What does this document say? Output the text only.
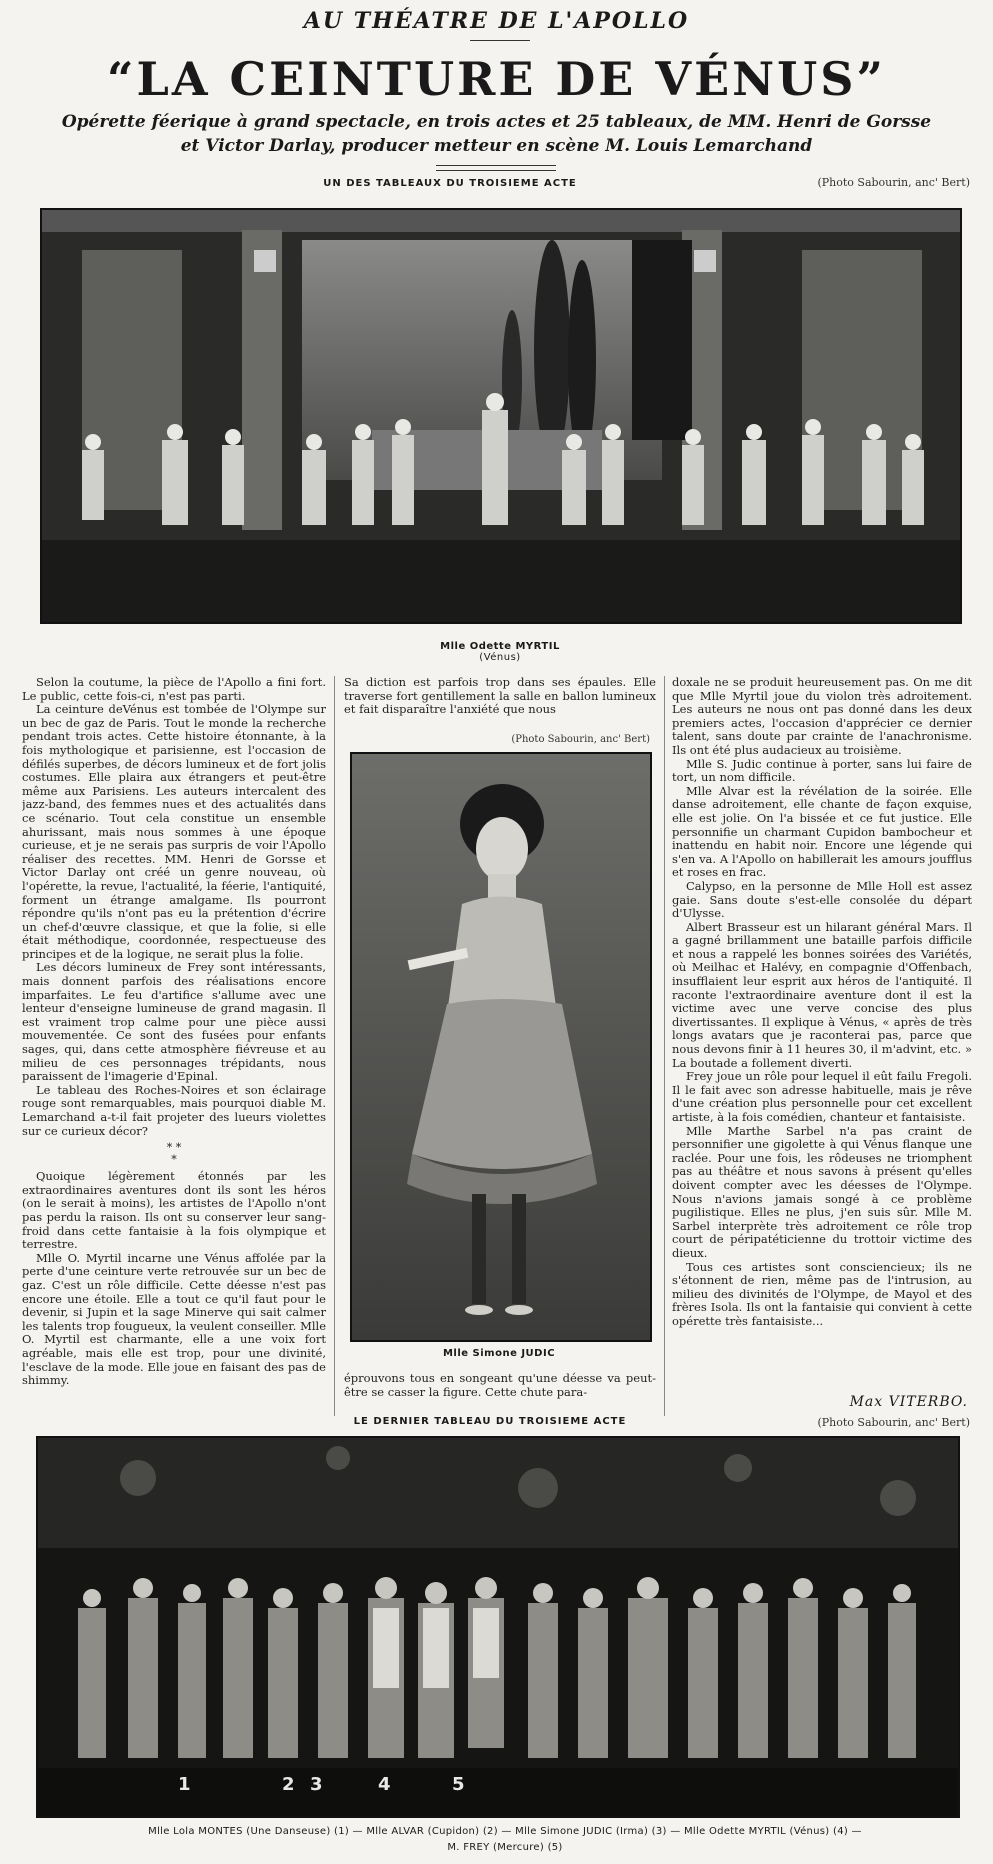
AU THÉATRE DE L'APOLLO
“LA CEINTURE DE VÉNUS”
Opérette féerique à grand spectacle, en trois actes et 25 tableaux, de MM. Henri de Gorsse
et Victor Darlay, producer metteur en scène M. Louis Lemarchand
UN DES TABLEAUX DU TROISIEME ACTE	(Photo Sabourin, anc' Bert)
Mlle Odette MYRTIL
(Vénus)

Selon la coutume, la pièce de l'Apollo a fini fort. Le public, cette fois-ci, n'est pas parti.

La ceinture deVénus est tombée de l'Olympe sur un bec de gaz de Paris. Tout le monde la recherche pendant trois actes. Cette histoire étonnante, à la fois mythologique et parisienne, est l'occasion de défilés superbes, de décors lumineux et de fort jolis costumes. Elle plaira aux étrangers et peut-être même aux Parisiens. Les auteurs intercalent des jazz-band, des femmes nues et des actualités dans ce scénario. Tout cela constitue un ensemble ahurissant, mais nous sommes à une époque curieuse, et je ne serais pas surpris de voir l'Apollo réaliser des recettes. MM. Henri de Gorsse et Victor Darlay ont créé un genre nouveau, où l'opérette, la revue, l'actualité, la féerie, l'antiquité, forment un étrange amalgame. Ils pourront répondre qu'ils n'ont pas eu la prétention d'écrire un chef-d'œuvre classique, et que la folie, si elle était méthodique, coordonnée, respectueuse des principes et de la logique, ne serait plus la folie.

Les décors lumineux de Frey sont intéressants, mais donnent parfois des réalisations encore imparfaites. Le feu d'artifice s'allume avec une lenteur d'enseigne lumineuse de grand magasin. Il est vraiment trop calme pour une pièce aussi mouvementée. Ce sont des fusées pour enfants sages, qui, dans cette atmosphère fiévreuse et au milieu de ces personnages trépidants, nous paraissent de l'imagerie d'Epinal.

Le tableau des Roches-Noires et son éclairage rouge sont remarquables, mais pourquoi diable M. Lemarchand a-t-il fait projeter des lueurs violettes sur ce curieux décor?

* *
*

Quoique légèrement étonnés par les extraordinaires aventures dont ils sont les héros (on le serait à moins), les artistes de l'Apollo n'ont pas perdu la raison. Ils ont su conserver leur sang-froid dans cette fantaisie à la fois olympique et terrestre.

Mlle O. Myrtil incarne une Vénus affolée par la perte d'une ceinture verte retrouvée sur un bec de gaz. C'est un rôle difficile. Cette déesse n'est pas encore une étoile. Elle a tout ce qu'il faut pour le devenir, si Jupin et la sage Minerve qui sait calmer les talents trop fougueux, la veulent conseiller. Mlle O. Myrtil est charmante, elle a une voix fort agréable, mais elle est trop, pour une divinité, l'esclave de la mode. Elle joue en faisant des pas de shimmy.

Sa diction est parfois trop dans ses épaules. Elle traverse fort gentillement la salle en ballon lumineux et fait disparaître l'anxiété que nous

(Photo Sabourin, anc' Bert)
Mlle Simone JUDIC

éprouvons tous en songeant qu'une déesse va peut-être se casser la figure. Cette chute para-

doxale ne se produit heureusement pas. On me dit que Mlle Myrtil joue du violon très adroitement. Les auteurs ne nous ont pas donné dans les deux premiers actes, l'occasion d'apprécier ce dernier talent, sans doute par crainte de l'anachronisme. Ils ont été plus audacieux au troisième.

Mlle S. Judic continue à porter, sans lui faire de tort, un nom difficile.

Mlle Alvar est la révélation de la soirée. Elle danse adroitement, elle chante de façon exquise, elle est jolie. On l'a bissée et ce fut justice. Elle personnifie un charmant Cupidon bambocheur et inattendu en habit noir. Encore une légende qui s'en va. A l'Apollo on habillerait les amours joufflus et roses en frac.

Calypso, en la personne de Mlle Holl est assez gaie. Sans doute s'est-elle consolée du départ d'Ulysse.

Albert Brasseur est un hilarant général Mars. Il a gagné brillamment une bataille parfois difficile et nous a rappelé les bonnes soirées des Variétés, où Meilhac et Halévy, en compagnie d'Offenbach, insufflaient leur esprit aux héros de l'antiquité. Il raconte l'extraordinaire aventure dont il est la victime avec une verve concise des plus divertissantes. Il explique à Vénus, « après de très longs avatars que je raconterai pas, parce que nous devons finir à 11 heures 30, il m'advint, etc. » La boutade a follement diverti.

Frey joue un rôle pour lequel il eût failu Fregoli. Il le fait avec son adresse habituelle, mais je rêve d'une création plus personnelle pour cet excellent artiste, à la fois comédien, chanteur et fantaisiste.

Mlle Marthe Sarbel n'a pas craint de personnifier une gigolette à qui Vénus flanque une raclée. Pour une fois, les rôdeuses ne triomphent pas au théâtre et nous savons à présent qu'elles doivent compter avec les déesses de l'Olympe. Nous n'avions jamais songé à ce problème pugilistique. Elles ne plus, j'en suis sûr. Mlle M. Sarbel interprète très adroitement ce rôle trop court de péripatéticienne du trottoir victime des dieux.

Tous ces artistes sont consciencieux; ils ne s'étonnent de rien, même pas de l'intrusion, au milieu des divinités de l'Olympe, de Mayol et des frères Isola. Ils ont la fantaisie qui convient à cette opérette très fantaisiste...

Max VITERBO.
LE DERNIER TABLEAU DU TROISIEME ACTE	(Photo Sabourin, anc' Bert)
1	2 3	4	5
Mlle Lola MONTES (Une Danseuse) (1) — Mlle ALVAR (Cupidon) (2) — Mlle Simone JUDIC (Irma) (3) — Mlle Odette MYRTIL (Vénus) (4) —
M. FREY (Mercure) (5)
